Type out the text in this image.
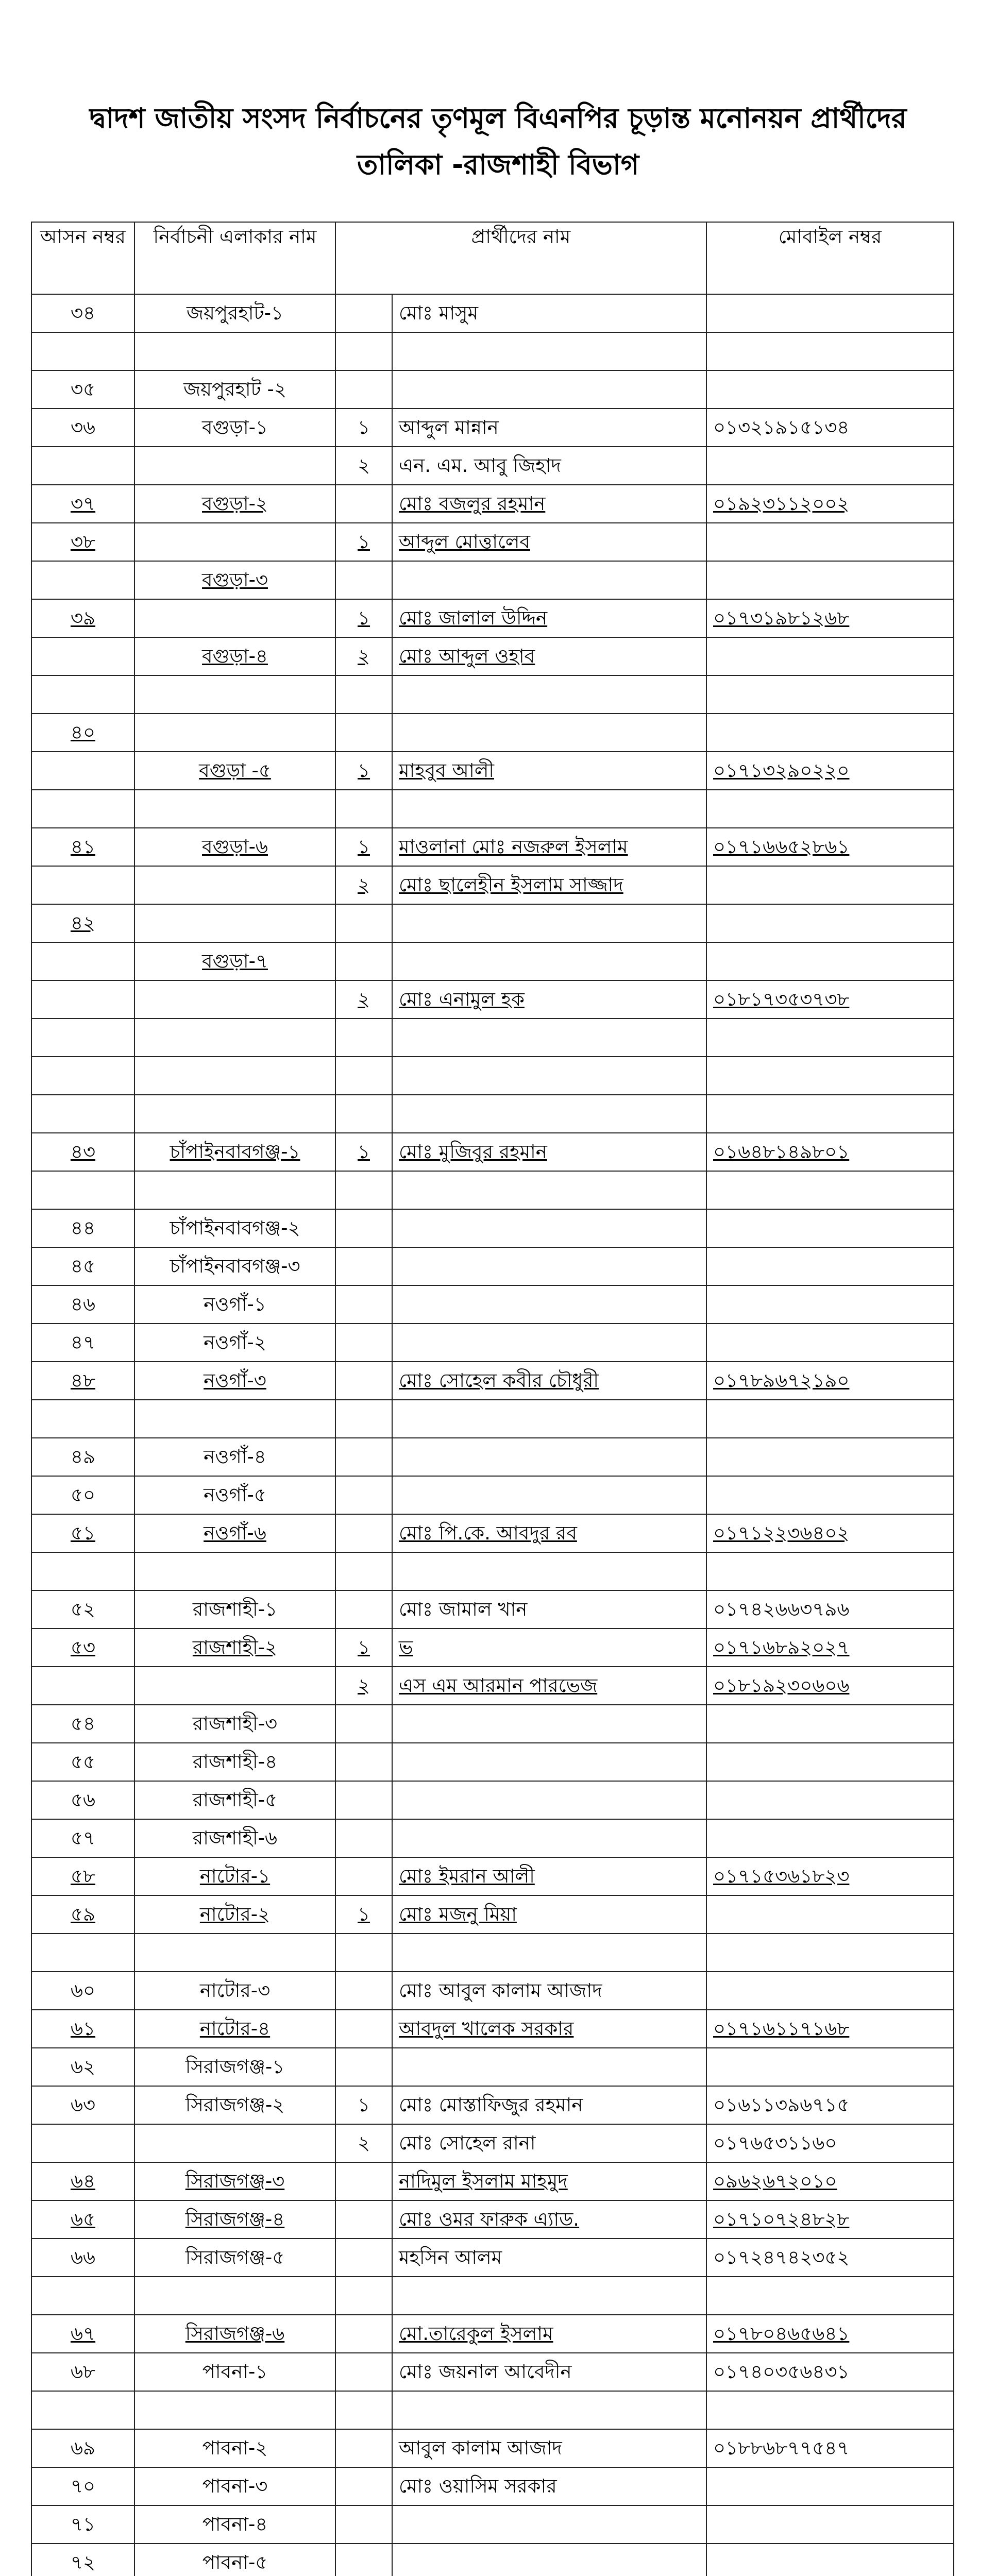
দ্বাদশ জাতীয় সংসদ নির্বাচনের তৃণমূল বিএনপির চূড়ান্ত মনোনয়ন প্রার্থীদের
তালিকা -রাজশাহী বিভাগ
আসন নম্বর	নির্বাচনী এলাকার নাম	প্রার্থীদের নাম		মোবাইল নম্বর
৩৪	জয়পুরহাট-১		মোঃ মাসুম	

৩৫	জয়পুরহাট -২			
৩৬	বগুড়া-১	১	আব্দুল মান্নান	০১৩২১৯১৫১৩৪
		২	এন. এম. আবু জিহাদ	
৩৭	বগুড়া-২		মোঃ বজলুর রহমান	০১৯২৩১১২০০২
৩৮		১	আব্দুল মোত্তালেব	
	বগুড়া-৩			
৩৯		১	মোঃ জালাল উদ্দিন	০১৭৩১৯৮১২৬৮
	বগুড়া-৪	২	মোঃ আব্দুল ওহাব	

৪০				
	বগুড়া -৫	১	মাহবুব আলী	০১৭১৩২৯০২২০

৪১	বগুড়া-৬	১	মাওলানা মোঃ নজরুল ইসলাম	০১৭১৬৬৫২৮৬১
		২	মোঃ ছালেহীন ইসলাম সাজ্জাদ	
৪২				
	বগুড়া-৭			
		২	মোঃ এনামুল হক	০১৮১৭৩৫৩৭৩৮

৪৩	চাঁপাইনবাবগঞ্জ-১	১	মোঃ মুজিবুর রহমান	০১৬৪৮১৪৯৮০১

৪৪	চাঁপাইনবাবগঞ্জ-২			
৪৫	চাঁপাইনবাবগঞ্জ-৩			
৪৬	নওগাঁ-১			
৪৭	নওগাঁ-২			
৪৮	নওগাঁ-৩		মোঃ সোহেল কবীর চৌধুরী	০১৭৮৯৬৭২১৯০

৪৯	নওগাঁ-৪			
৫০	নওগাঁ-৫			
৫১	নওগাঁ-৬		মোঃ পি.কে. আবদুর রব	০১৭১২২৩৬৪০২

৫২	রাজশাহী-১		মোঃ জামাল খান	০১৭৪২৬৬৩৭৯৬
৫৩	রাজশাহী-২	১	ভ	০১৭১৬৮৯২০২৭
		২	এস এম আরমান পারভেজ	০১৮১৯২৩০৬০৬
৫৪	রাজশাহী-৩			
৫৫	রাজশাহী-৪			
৫৬	রাজশাহী-৫			
৫৭	রাজশাহী-৬			
৫৮	নাটোর-১		মোঃ ইমরান আলী	০১৭১৫৩৬১৮২৩
৫৯	নাটোর-২	১	মোঃ মজনু মিয়া	

৬০	নাটোর-৩		মোঃ আবুল কালাম আজাদ	
৬১	নাটোর-৪		আবদুল খালেক সরকার	০১৭১৬১১৭১৬৮
৬২	সিরাজগঞ্জ-১			
৬৩	সিরাজগঞ্জ-২	১	মোঃ মোস্তাফিজুর রহমান	০১৬১১৩৯৬৭১৫
		২	মোঃ সোহেল রানা	০১৭৬৫৩১১৬০
৬৪	সিরাজগঞ্জ-৩		নাদিমুল ইসলাম মাহমুদ	০৯৬২৬৭২০১০
৬৫	সিরাজগঞ্জ-৪		মোঃ ওমর ফারুক এ্যাড.	০১৭১০৭২৪৮২৮
৬৬	সিরাজগঞ্জ-৫		মহসিন আলম	০১৭২৪৭৪২৩৫২

৬৭	সিরাজগঞ্জ-৬		মো.তারেকুল ইসলাম	০১৭৮০৪৬৫৬৪১
৬৮	পাবনা-১		মোঃ জয়নাল আবেদীন	০১৭৪০৩৫৬৪৩১

৬৯	পাবনা-২		আবুল কালাম আজাদ	০১৮৮৬৮৭৭৫৪৭
৭০	পাবনা-৩		মোঃ ওয়াসিম সরকার	
৭১	পাবনা-৪			
৭২	পাবনা-৫			
